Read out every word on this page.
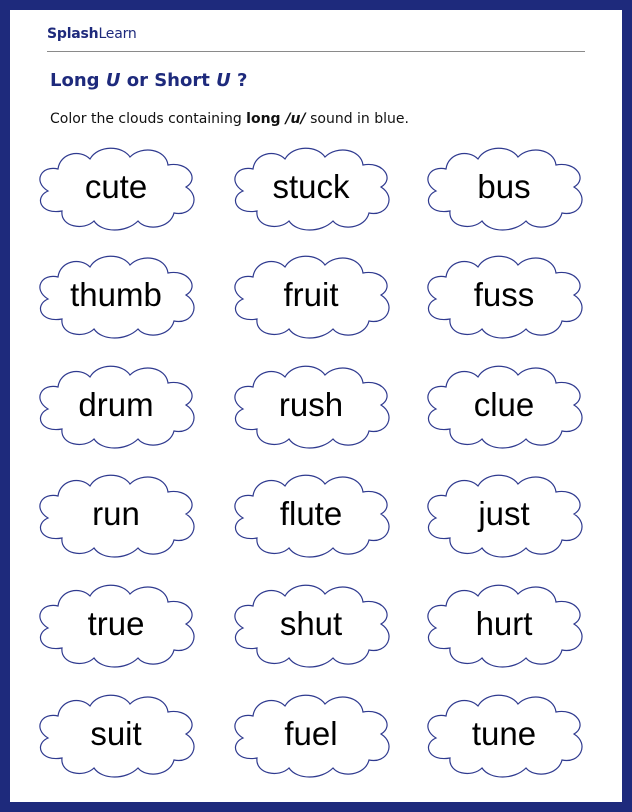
SplashLearn
Long U or Short U ?
Color the clouds containing long /u/ sound in blue.
cute	stuck	bus
thumb	fruit	fuss
drum	rush	clue
run	flute	just
true	shut	hurt
suit	fuel	tune
